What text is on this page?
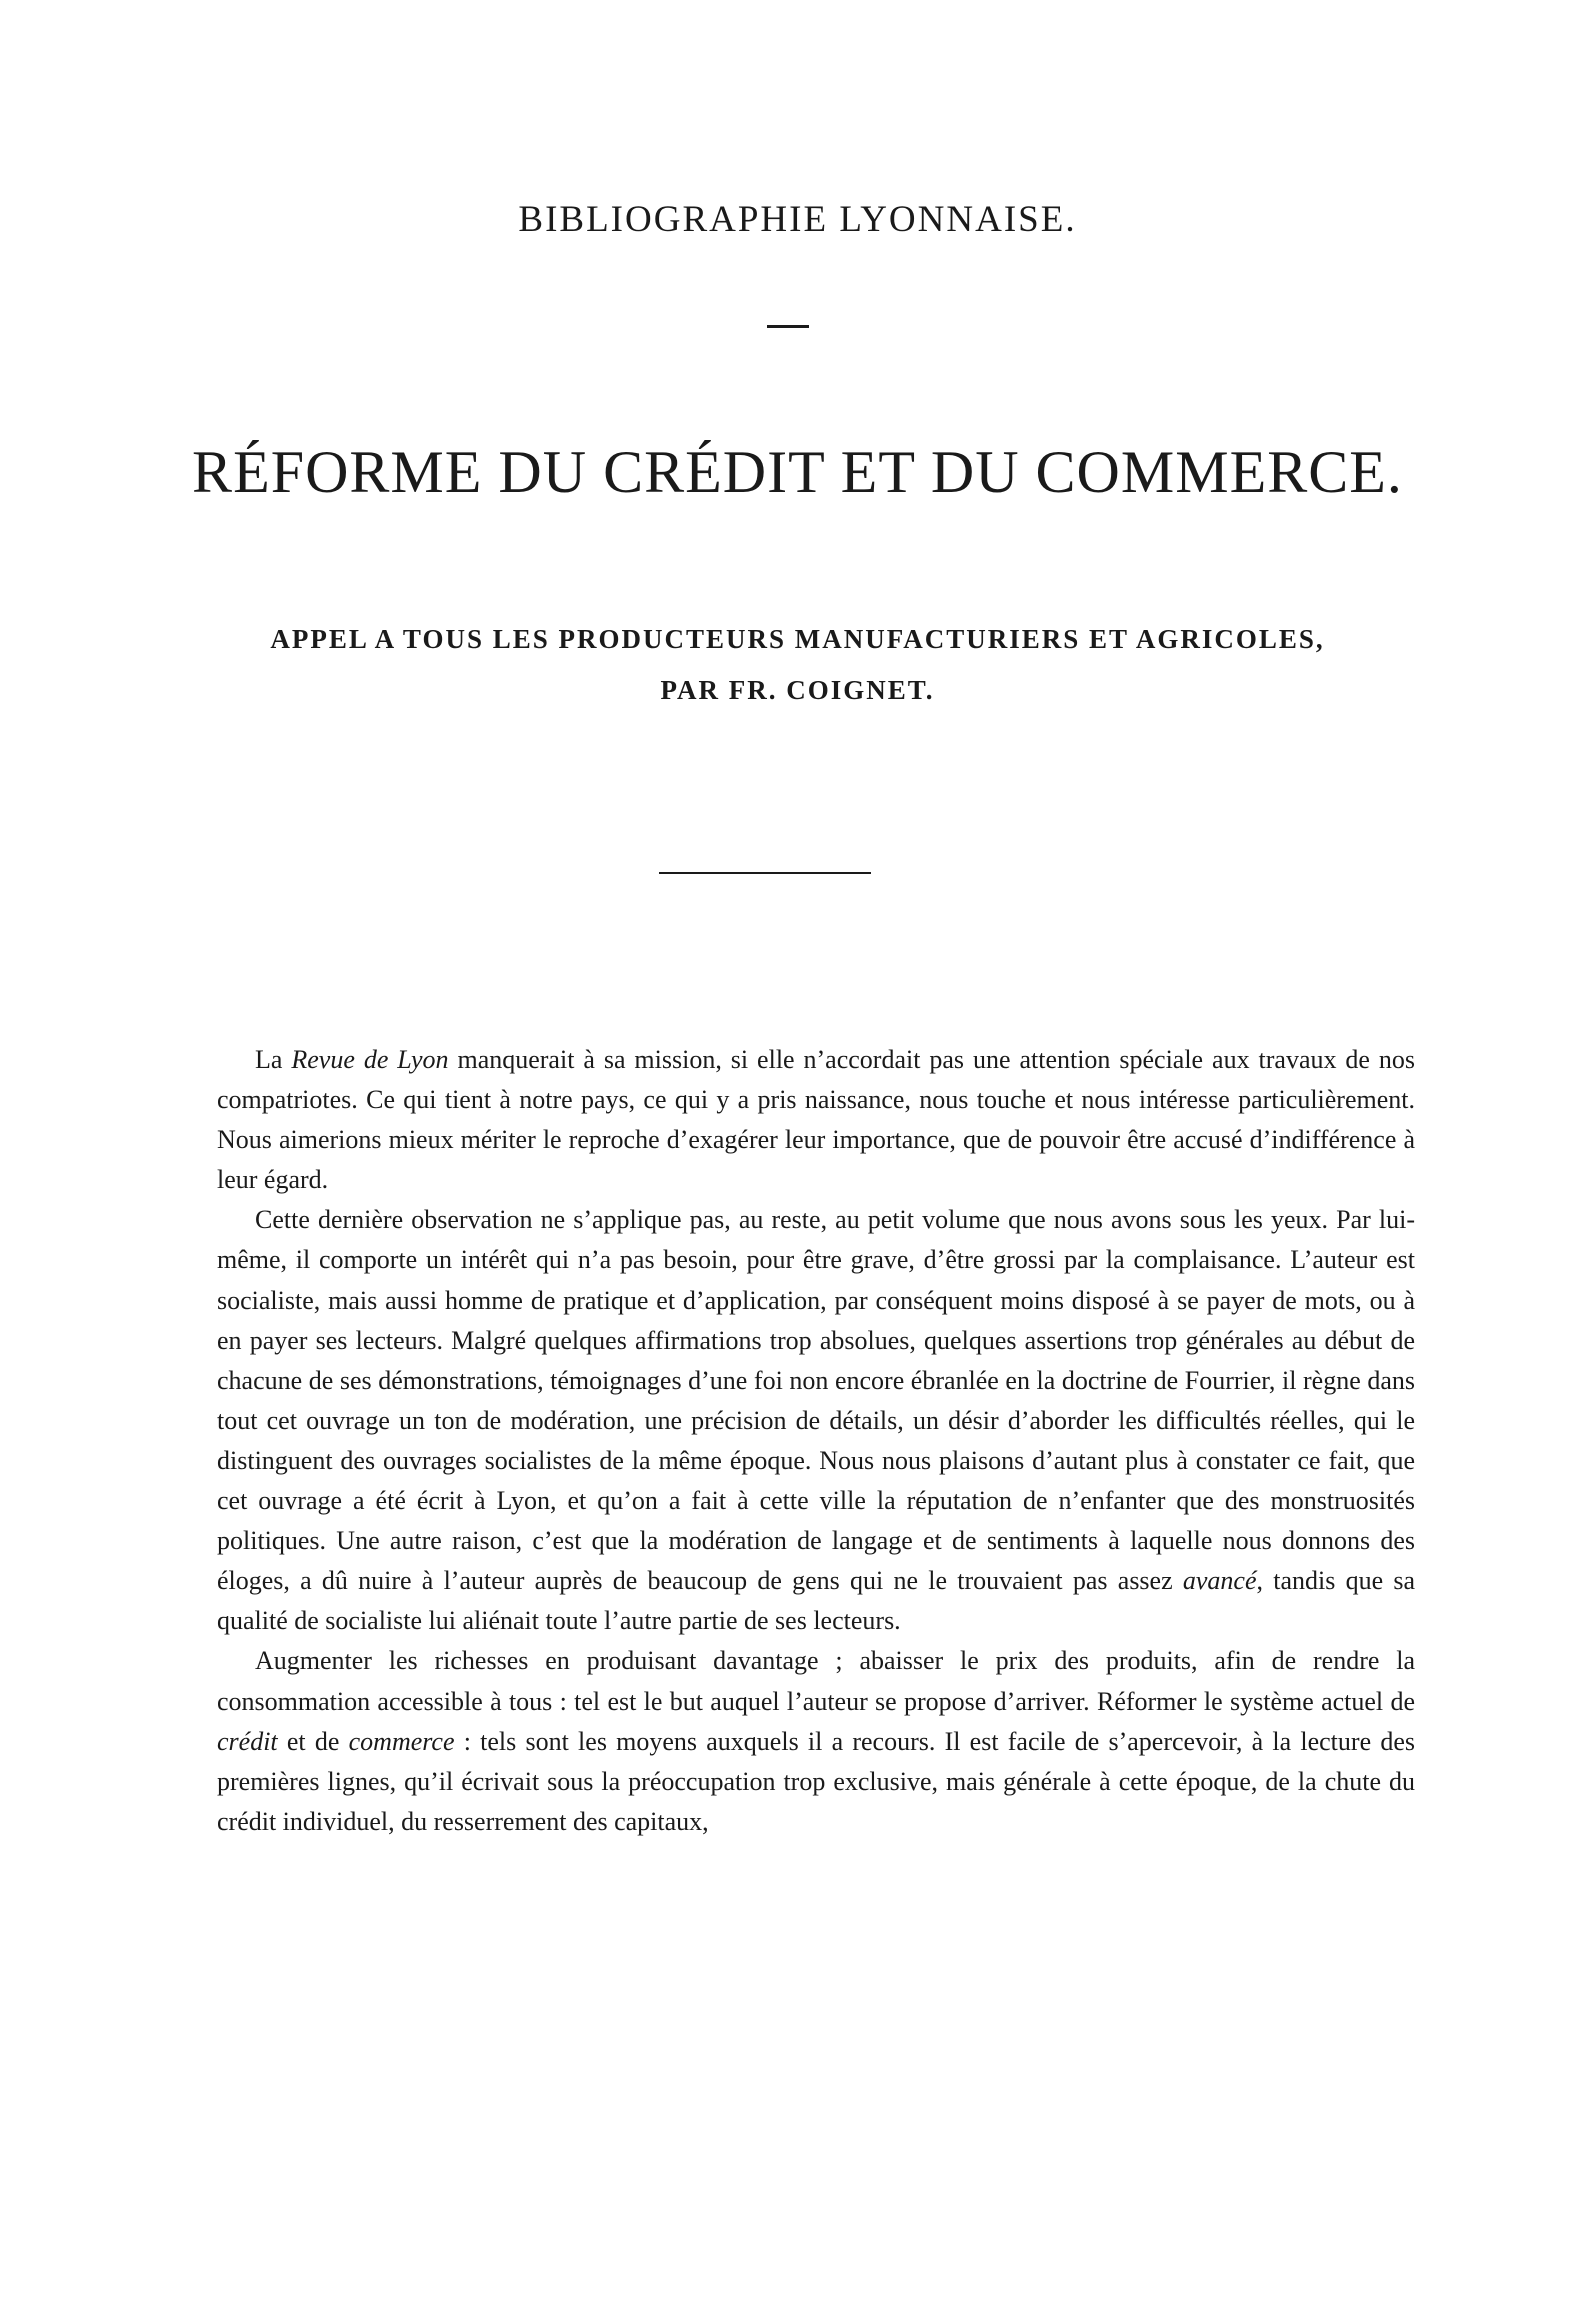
BIBLIOGRAPHIE LYONNAISE.
RÉFORME DU CRÉDIT ET DU COMMERCE.
APPEL A TOUS LES PRODUCTEURS MANUFACTURIERS ET AGRICOLES,
PAR FR. COIGNET.

La Revue de Lyon manquerait à sa mission, si elle n’accordait pas une attention spéciale aux travaux de nos compatriotes. Ce qui tient à notre pays, ce qui y a pris naissance, nous touche et nous intéresse particulièrement. Nous aimerions mieux mériter le reproche d’exagérer leur importance, que de pouvoir être accusé d’indifférence à leur égard.

Cette dernière observation ne s’applique pas, au reste, au petit volume que nous avons sous les yeux. Par lui-même, il comporte un intérêt qui n’a pas besoin, pour être grave, d’être grossi par la complaisance. L’auteur est socialiste, mais aussi homme de pratique et d’application, par conséquent moins disposé à se payer de mots, ou à en payer ses lecteurs. Malgré quelques affirmations trop absolues, quelques assertions trop générales au début de chacune de ses démonstrations, témoignages d’une foi non encore ébranlée en la doctrine de Fourrier, il règne dans tout cet ouvrage un ton de modération, une précision de détails, un désir d’aborder les difficultés réelles, qui le distinguent des ouvrages socialistes de la même époque. Nous nous plaisons d’autant plus à constater ce fait, que cet ouvrage a été écrit à Lyon, et qu’on a fait à cette ville la réputation de n’enfanter que des monstruosités politiques. Une autre raison, c’est que la modération de langage et de sentiments à laquelle nous donnons des éloges, a dû nuire à l’auteur auprès de beaucoup de gens qui ne le trouvaient pas assez avancé, tandis que sa qualité de socialiste lui aliénait toute l’autre partie de ses lecteurs.

Augmenter les richesses en produisant davantage ; abaisser le prix des produits, afin de rendre la consommation accessible à tous : tel est le but auquel l’auteur se propose d’arriver. Réformer le système actuel de crédit et de commerce : tels sont les moyens auxquels il a recours. Il est facile de s’apercevoir, à la lecture des premières lignes, qu’il écrivait sous la préoccupation trop exclusive, mais générale à cette époque, de la chute du crédit individuel, du resserrement des capitaux,
